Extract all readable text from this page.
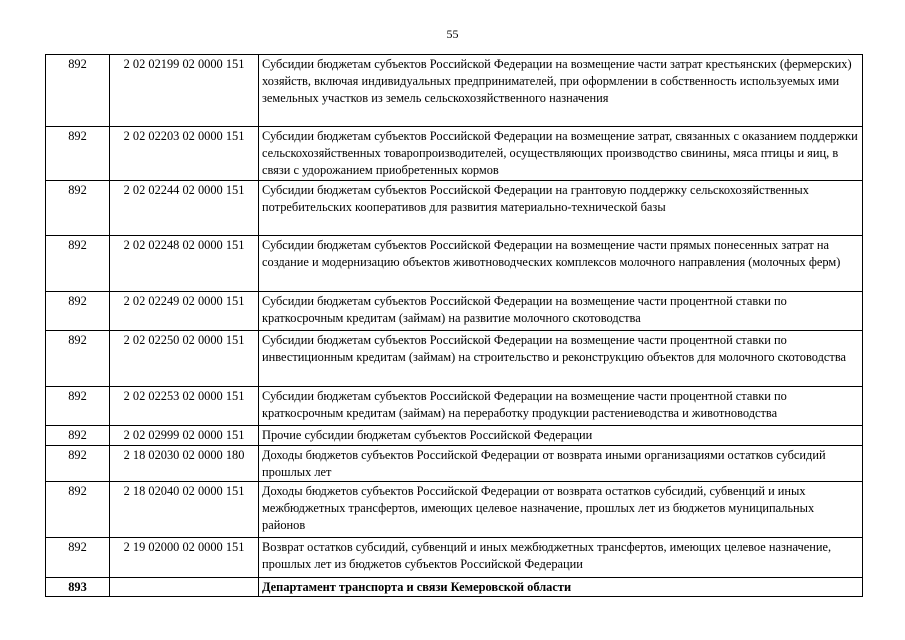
55
892	2 02 02199 02 0000 151	Субсидии бюджетам субъектов Российской Федерации на возмещение части затрат крестьянских (фермерских) хозяйств, включая индивидуальных предпринимателей, при оформлении в собственность используемых ими земельных участков из земель сельскохозяйственного назначения
892	2 02 02203 02 0000 151	Субсидии бюджетам субъектов Российской Федерации на возмещение затрат, связанных с оказанием поддержки сельскохозяйственных товаропроизводителей, осуществляющих производство свинины, мяса птицы и яиц, в связи с удорожанием приобретенных кормов
892	2 02 02244 02 0000 151	Субсидии бюджетам субъектов Российской Федерации на грантовую поддержку сельскохозяйственных потребительских кооперативов для развития материально-технической базы
892	2 02 02248 02 0000 151	Субсидии бюджетам субъектов Российской Федерации на возмещение части прямых понесенных затрат на создание и модернизацию объектов животноводческих комплексов молочного направления (молочных ферм)
892	2 02 02249 02 0000 151	Субсидии бюджетам субъектов Российской Федерации на возмещение части процентной ставки по краткосрочным кредитам (займам) на развитие молочного скотоводства
892	2 02 02250 02 0000 151	Субсидии бюджетам субъектов Российской Федерации на возмещение части процентной ставки по инвестиционным кредитам (займам) на строительство и реконструкцию объектов для молочного скотоводства
892	2 02 02253 02 0000 151	Субсидии бюджетам субъектов Российской Федерации на возмещение части процентной ставки по краткосрочным кредитам (займам) на переработку продукции растениеводства и животноводства
892	2 02 02999 02 0000 151	Прочие субсидии бюджетам субъектов Российской Федерации
892	2 18 02030 02 0000 180	Доходы бюджетов субъектов Российской Федерации от возврата иными организациями остатков субсидий прошлых лет
892	2 18 02040 02 0000 151	Доходы бюджетов субъектов Российской Федерации от возврата остатков субсидий, субвенций и иных межбюджетных трансфертов, имеющих целевое назначение, прошлых лет из бюджетов муниципальных районов
892	2 19 02000 02 0000 151	Возврат остатков субсидий, субвенций и иных межбюджетных трансфертов, имеющих целевое назначение, прошлых лет из бюджетов субъектов Российской Федерации
893		Департамент транспорта и связи Кемеровской области
